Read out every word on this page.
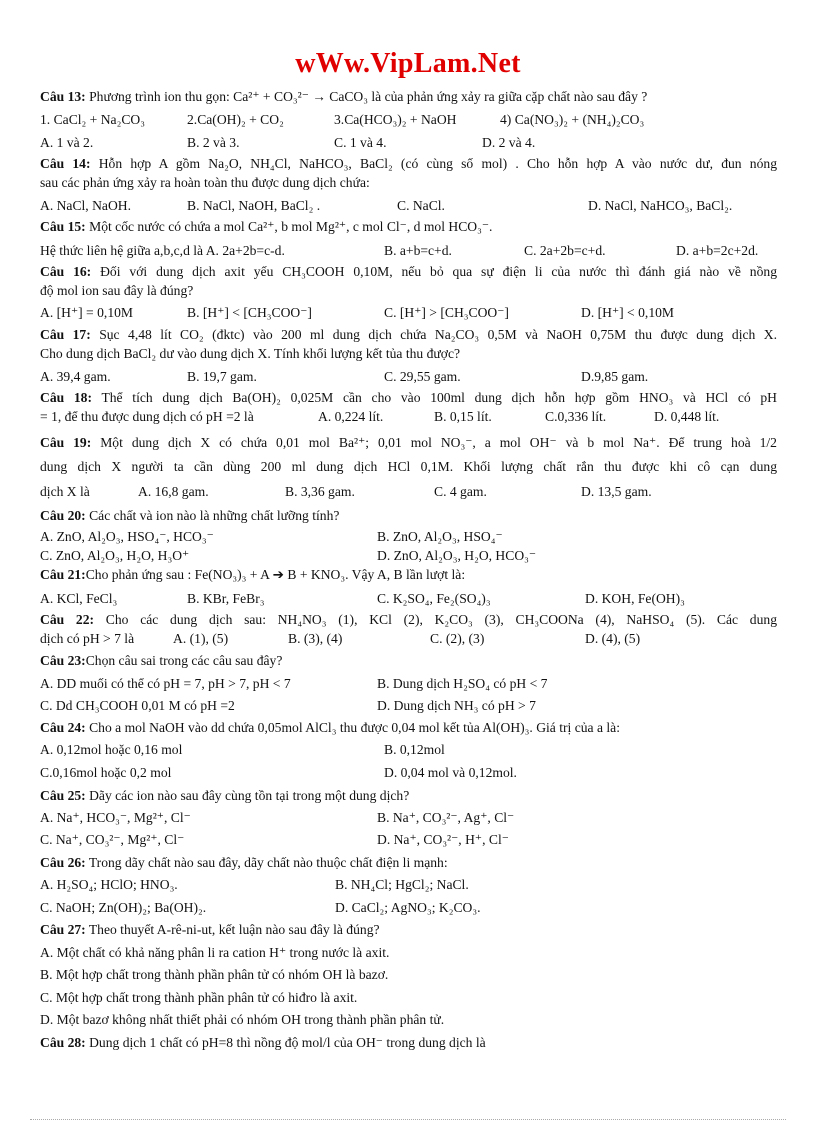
wWw.VipLam.Net
Câu 13: Phương trình ion thu gọn: Ca²⁺ + CO₃²⁻ → CaCO₃ là của phản ứng xảy ra giữa cặp chất nào sau đây ?
1. CaCl₂ + Na₂CO₃	2.Ca(OH)₂ + CO₂	3.Ca(HCO₃)₂ + NaOH	4) Ca(NO₃)₂ + (NH₄)₂CO₃
A. 1 và 2.	B. 2 và 3.	C. 1 và 4.	D. 2 và 4.
Câu 14: Hỗn hợp A gồm Na₂O, NH₄Cl, NaHCO₃, BaCl₂ (có cùng số mol) . Cho hỗn hợp A vào nước dư, đun nóng
sau các phản ứng xảy ra hoàn toàn thu được dung dịch chứa:
A. NaCl, NaOH.	B. NaCl, NaOH, BaCl₂ .	C. NaCl.	D. NaCl, NaHCO₃, BaCl₂.
Câu 15: Một cốc nước có chứa a mol Ca²⁺, b mol Mg²⁺, c mol Cl⁻, d mol HCO₃⁻.
Hệ thức liên hệ giữa a,b,c,d là A. 2a+2b=c-d.	B. a+b=c+d.	C. 2a+2b=c+d.	D. a+b=2c+2d.
Câu 16: Đối với dung dịch axit yếu CH₃COOH 0,10M, nếu bỏ qua sự điện li của nước thì đánh giá nào về nồng
độ mol ion sau đây là đúng?
A. [H⁺] = 0,10M	B. [H⁺] < [CH₃COO⁻]	C. [H⁺] > [CH₃COO⁻]	D. [H⁺] < 0,10M
Câu 17: Sục 4,48 lít CO₂ (đktc) vào 200 ml dung dịch chứa Na₂CO₃ 0,5M và NaOH 0,75M thu được dung dịch X.
Cho dung dịch BaCl₂ dư vào dung dịch X. Tính khối lượng kết tủa thu được?
A. 39,4 gam.	B. 19,7 gam.	C. 29,55 gam.	D.9,85 gam.
Câu 18: Thể tích dung dịch Ba(OH)₂ 0,025M cần cho vào 100ml dung dịch hỗn hợp gồm HNO₃ và HCl có pH
= 1, để thu được dung dịch có pH =2 là	A. 0,224 lít.	B. 0,15 lít.	C.0,336 lít.	D. 0,448 lít.
Câu 19: Một dung dịch X có chứa 0,01 mol Ba²⁺; 0,01 mol NO₃⁻, a mol OH⁻ và b mol Na⁺. Để trung hoà 1/2
dung dịch X người ta cần dùng 200 ml dung dịch HCl 0,1M. Khối lượng chất rắn thu được khi cô cạn dung
dịch X là	A. 16,8 gam.	B. 3,36 gam.	C. 4 gam.	D. 13,5 gam.
Câu 20: Các chất và ion nào là những chất lưỡng tính?
A. ZnO, Al₂O₃, HSO₄⁻, HCO₃⁻	B. ZnO, Al₂O₃, HSO₄⁻
C. ZnO, Al₂O₃, H₂O, H₃O⁺	D. ZnO, Al₂O₃, H₂O, HCO₃⁻
Câu 21:Cho phản ứng sau : Fe(NO₃)₃ + A ➔ B + KNO₃. Vậy A, B lần lượt là:
A. KCl, FeCl₃	B. KBr, FeBr₃	C. K₂SO₄, Fe₂(SO₄)₃	D. KOH, Fe(OH)₃
Câu 22: Cho các dung dịch sau: NH₄NO₃ (1), KCl (2), K₂CO₃ (3), CH₃COONa (4), NaHSO₄ (5). Các dung
dịch có pH > 7 là	A. (1), (5)	B. (3), (4)	C. (2), (3)	D. (4), (5)
Câu 23:Chọn câu sai trong các câu sau đây?
A. DD muối có thể có pH = 7, pH > 7, pH < 7	B. Dung dịch H₂SO₄ có pH < 7
C. Dd CH₃COOH 0,01 M có pH =2	D. Dung dịch NH₃ có pH > 7
Câu 24: Cho a mol NaOH vào dd chứa 0,05mol AlCl₃ thu được 0,04 mol kết tủa Al(OH)₃. Giá trị của a là:
A. 0,12mol hoặc 0,16 mol	B. 0,12mol
C.0,16mol hoặc 0,2 mol	D. 0,04 mol và 0,12mol.
Câu 25: Dãy các ion nào sau đây cùng tồn tại trong một dung dịch?
A. Na⁺, HCO₃⁻, Mg²⁺, Cl⁻	B. Na⁺, CO₃²⁻, Ag⁺, Cl⁻
C. Na⁺, CO₃²⁻, Mg²⁺, Cl⁻	D. Na⁺, CO₃²⁻, H⁺, Cl⁻
Câu 26: Trong dãy chất nào sau đây, dãy chất nào thuộc chất điện li mạnh:
A. H₂SO₄; HClO; HNO₃.	B. NH₄Cl; HgCl₂; NaCl.
C. NaOH; Zn(OH)₂; Ba(OH)₂.	D. CaCl₂; AgNO₃; K₂CO₃.
Câu 27: Theo thuyết A-rê-ni-ut, kết luận nào sau đây là đúng?
A. Một chất có khả năng phân li ra cation H⁺ trong nước là axit.
B. Một hợp chất trong thành phần phân tử có nhóm OH là bazơ.
C. Một hợp chất trong thành phần phân tử có hiđro là axit.
D. Một bazơ không nhất thiết phải có nhóm OH trong thành phần phân tử.
Câu 28: Dung dịch 1 chất có pH=8 thì nồng độ mol/l của OH⁻ trong dung dịch là
